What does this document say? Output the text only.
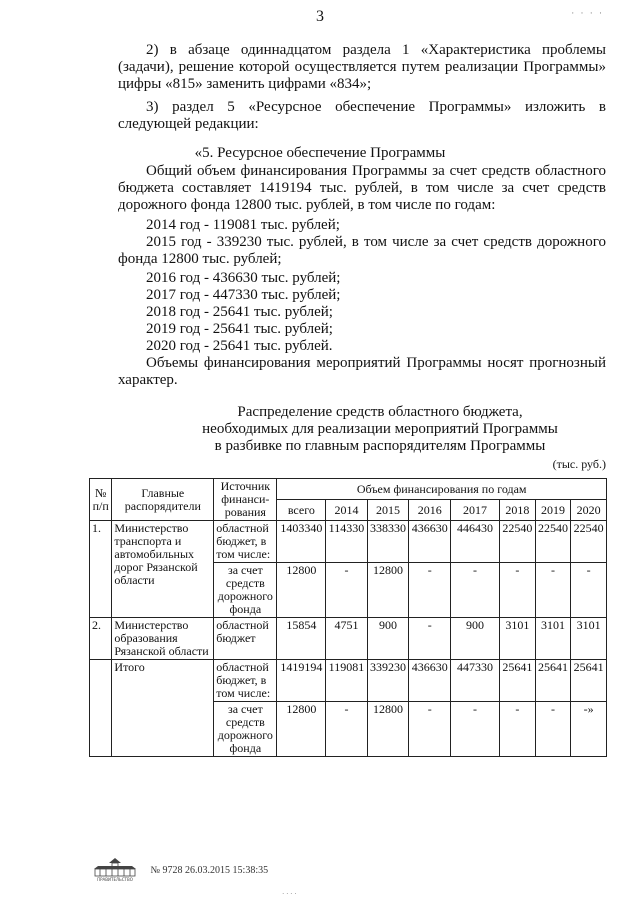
3	· · · ·
2) в абзаце одиннадцатом раздела 1 «Характеристика проблемы (задачи), решение которой осуществляется путем реализации Программы» цифры «815» заменить цифрами «834»;
3) раздел 5 «Ресурсное обеспечение Программы» изложить в следующей редакции:
«5. Ресурсное обеспечение Программы
Общий объем финансирования Программы за счет средств областного бюджета составляет 1419194 тыс. рублей, в том числе за счет средств дорожного фонда 12800 тыс. рублей, в том числе по годам:
2014 год - 119081 тыс. рублей;
2015 год - 339230 тыс. рублей, в том числе за счет средств дорожного фонда 12800 тыс. рублей;
2016 год - 436630 тыс. рублей;
2017 год - 447330 тыс. рублей;
2018 год - 25641 тыс. рублей;
2019 год - 25641 тыс. рублей;
2020 год - 25641 тыс. рублей.
Объемы финансирования мероприятий Программы носят прогнозный характер.
Распределение средств областного бюджета,
необходимых для реализации мероприятий Программы
в разбивке по главным распорядителям Программы
(тыс. руб.)
№ п/п	Главные распорядители	Источник финанси-рования	Объем финансирования по годам							
			всего	2014	2015	2016	2017	2018	2019	2020
1.	Министерство транспорта и автомобильных дорог Рязанской области	областной бюджет, в том числе:	1403340	114330	338330	436630	446430	22540	22540	22540
		за счет средств дорожного фонда	12800	-	12800	-	-	-	-	-
2.	Министерство образования Рязанской области	областной бюджет	15854	4751	900	-	900	3101	3101	3101
	Итого	областной бюджет, в том числе:	1419194	119081	339230	436630	447330	25641	25641	25641
		за счет средств дорожного фонда	12800	-	12800	-	-	-	-	-»
ПРАВИТЕЛЬСТВО
№ 9728 26.03.2015 15:38:35
· · · ·
